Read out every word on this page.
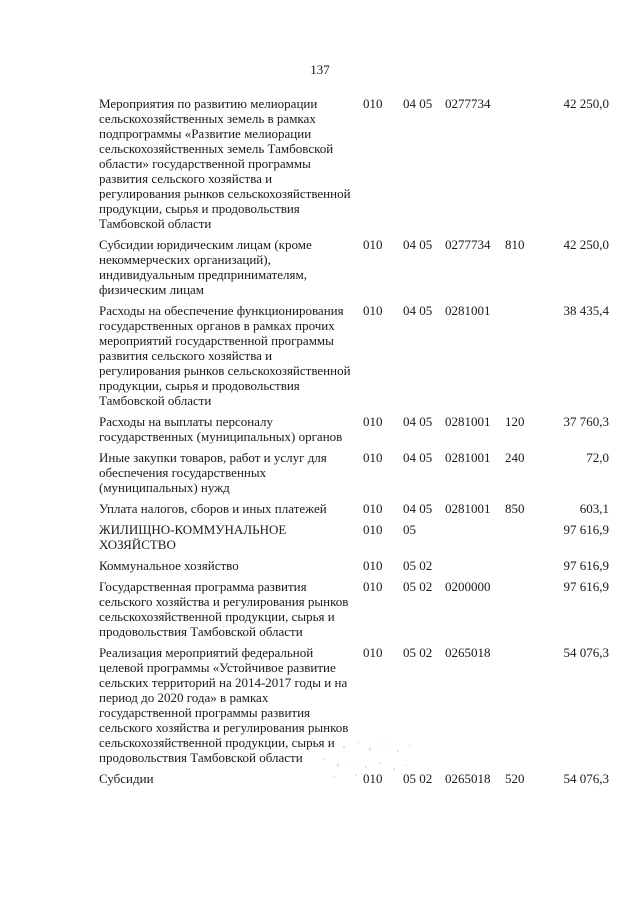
137
Мероприятия по развитию мелиорации сельскохозяйственных земель в рамках подпрограммы «Развитие мелиорации сельскохозяйственных земель Тамбовской области» государственной программы развития сельского хозяйства и регулирования рынков сельскохозяйственной продукции, сырья и продовольствия Тамбовской области	010	04 05	0277734		42 250,0
Субсидии юридическим лицам (кроме некоммерческих организаций), индивидуальным предпринимателям, физическим лицам	010	04 05	0277734	810	42 250,0
Расходы на обеспечение функционирования государственных органов в рамках прочих мероприятий государственной программы развития сельского хозяйства и регулирования рынков сельскохозяйственной продукции, сырья и продовольствия Тамбовской области	010	04 05	0281001		38 435,4
Расходы на выплаты персоналу государственных (муниципальных) органов	010	04 05	0281001	120	37 760,3
Иные закупки товаров, работ и услуг для обеспечения государственных (муниципальных) нужд	010	04 05	0281001	240	72,0
Уплата налогов, сборов и иных платежей	010	04 05	0281001	850	603,1
ЖИЛИЩНО-КОММУНАЛЬНОЕ ХОЗЯЙСТВО	010	05			97 616,9
Коммунальное хозяйство	010	05 02			97 616,9
Государственная программа развития сельского хозяйства и регулирования рынков сельскохозяйственной продукции, сырья и продовольствия Тамбовской области	010	05 02	0200000		97 616,9
Реализация мероприятий федеральной целевой программы «Устойчивое развитие сельских территорий на 2014-2017 годы и на период до 2020 года» в рамках государственной программы развития сельского хозяйства и регулирования рынков сельскохозяйственной продукции, сырья и продовольствия Тамбовской области	010	05 02	0265018		54 076,3
Субсидии	010	05 02	0265018	520	54 076,3
